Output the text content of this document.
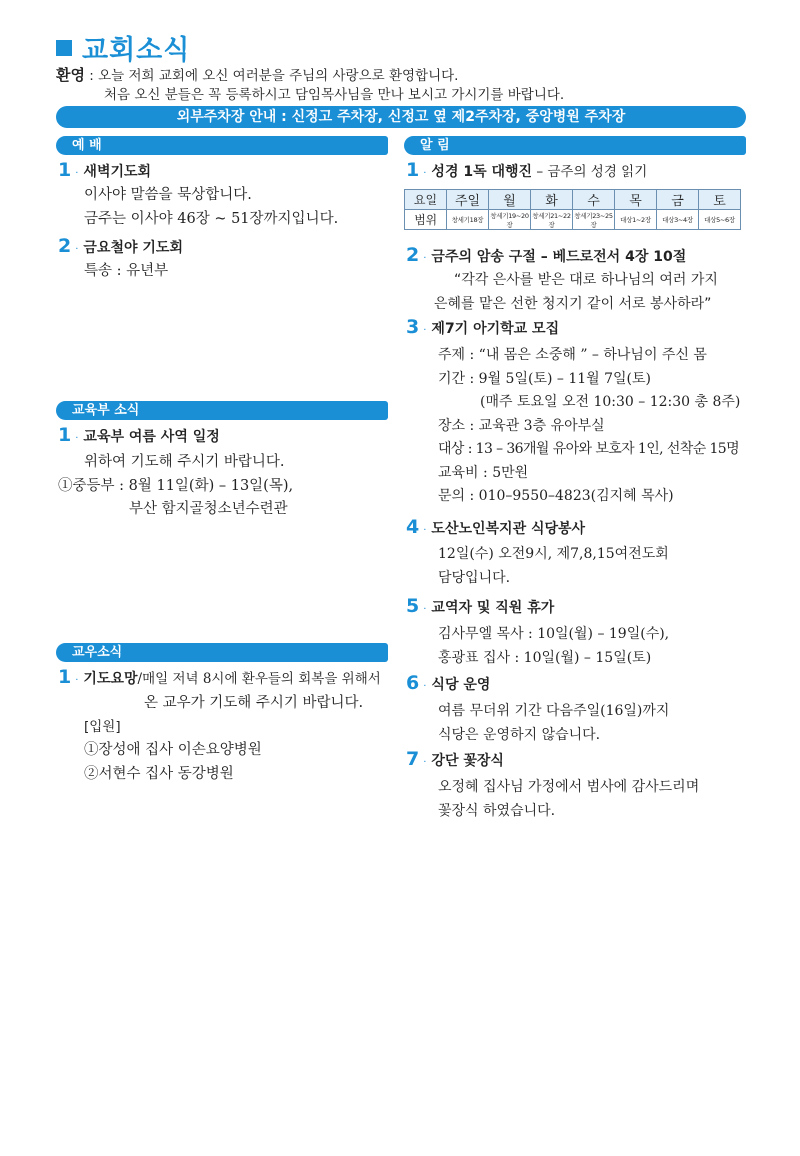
교회소식
환영 : 오늘 저희 교회에 오신 여러분을 주님의 사랑으로 환영합니다.
처음 오신 분들은 꼭 등록하시고 담임목사님을 만나 보시고 가시기를 바랍니다.
외부주차장 안내 : 신정고 주차장, 신정고 옆 제2주차장, 중앙병원 주차장
예 배
1 · 새벽기도회
이사야 말씀을 묵상합니다.
금주는 이사야 46장 ~ 51장까지입니다.
2 · 금요철야 기도회
특송 : 유년부
교육부 소식
1 · 교육부 여름 사역 일정
위하여 기도해 주시기 바랍니다.
①중등부 : 8월 11일(화) – 13일(목),
부산 함지골청소년수련관
교우소식
1 · 기도요망/매일 저녁 8시에 환우들의 회복을 위해서
온 교우가 기도해 주시기 바랍니다.
[입원]
①장성애 집사 이손요양병원
②서현수 집사 동강병원
알 림
1 · 성경 1독 대행진 – 금주의 성경 읽기
요일	주일	월	화	수	목	금	토
범위	창세기18장	창세기19~20장	창세기21~22장	창세기23~25장	대상1~2장	대상3~4장	대상5~6장
2 · 금주의 암송 구절 – 베드로전서 4장 10절
“각각 은사를 받은 대로 하나님의 여러 가지
은혜를 맡은 선한 청지기 같이 서로 봉사하라”
3 · 제7기 아기학교 모집
주제 : “내 몸은 소중해 ” – 하나님이 주신 몸
기간 : 9월 5일(토) – 11월 7일(토)
(매주 토요일 오전 10:30 – 12:30 총 8주)
장소 : 교육관 3층 유아부실
대상 : 13 – 36개월 유아와 보호자 1인, 선착순 15명
교육비 : 5만원
문의 : 010–9550–4823(김지혜 목사)
4 · 도산노인복지관 식당봉사
12일(수) 오전9시, 제7,8,15여전도회
담당입니다.
5 · 교역자 및 직원 휴가
김사무엘 목사 : 10일(월) – 19일(수),
홍광표 집사 : 10일(월) – 15일(토)
6 · 식당 운영
여름 무더위 기간 다음주일(16일)까지
식당은 운영하지 않습니다.
7 · 강단 꽃장식
오정혜 집사님 가정에서 범사에 감사드리며
꽃장식 하였습니다.
